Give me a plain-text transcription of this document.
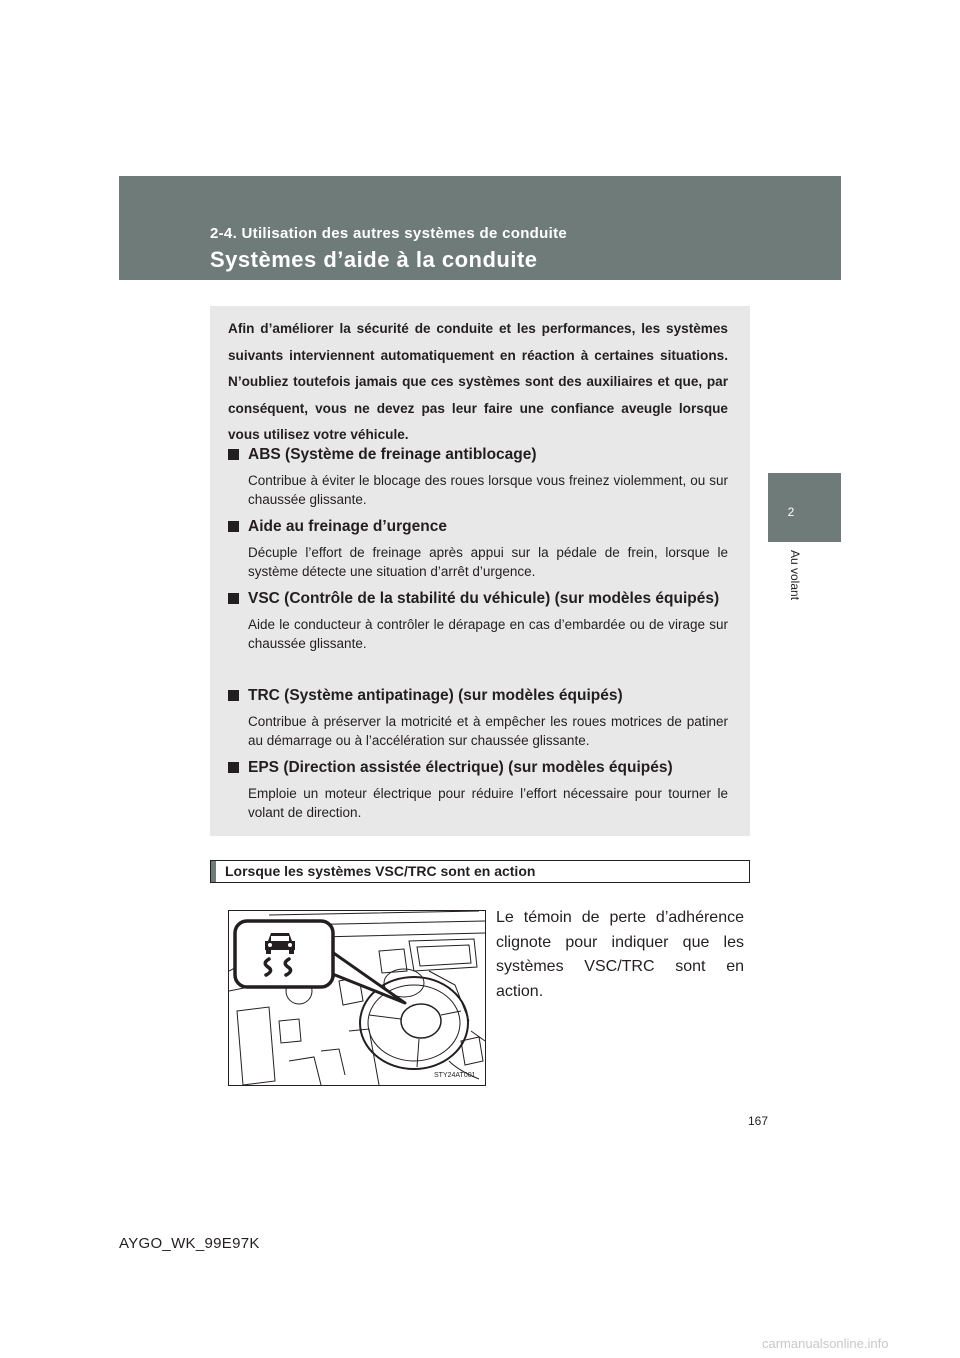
2-4. Utilisation des autres systèmes de conduite
Systèmes d’aide à la conduite
2
Au volant

Afin d’améliorer la sécurité de conduite et les performances, les systèmes suivants interviennent automatiquement en réaction à certaines situations. N’oubliez toutefois jamais que ces systèmes sont des auxiliaires et que, par conséquent, vous ne devez pas leur faire une confiance aveugle lorsque vous utilisez votre véhicule.

ABS (Système de freinage antiblocage)

Contribue à éviter le blocage des roues lorsque vous freinez violemment, ou sur chaussée glissante.

Aide au freinage d’urgence

Décuple l’effort de freinage après appui sur la pédale de frein, lorsque le système détecte une situation d’arrêt d’urgence.

VSC (Contrôle de la stabilité du véhicule) (sur modèles équipés)

Aide le conducteur à contrôler le dérapage en cas d’embardée ou de virage sur chaussée glissante.

TRC (Système antipatinage) (sur modèles équipés)

Contribue à préserver la motricité et à empêcher les roues motrices de patiner au démarrage ou à l’accélération sur chaussée glissante.

EPS (Direction assistée électrique) (sur modèles équipés)

Emploie un moteur électrique pour réduire l’effort nécessaire pour tourner le volant de direction.

Lorsque les systèmes VSC/TRC sont en action
STY24AT001

Le témoin de perte d’adhérence clignote pour indiquer que les systèmes VSC/TRC sont en action.

167
AYGO_WK_99E97K
carmanualsonline.info
